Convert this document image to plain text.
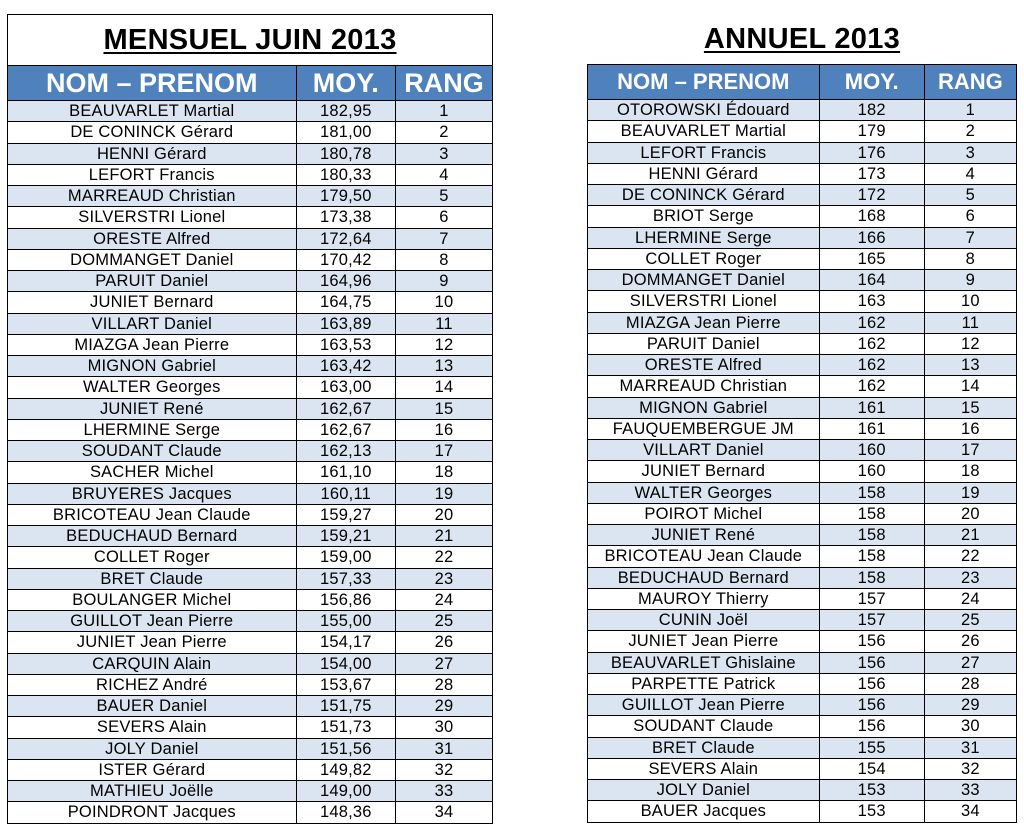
MENSUEL JUIN 2013
NOM – PRENOM	MOY.	RANG
BEAUVARLET Martial	182,95	1
DE CONINCK Gérard	181,00	2
HENNI Gérard	180,78	3
LEFORT Francis	180,33	4
MARREAUD Christian	179,50	5
SILVERSTRI Lionel	173,38	6
ORESTE Alfred	172,64	7
DOMMANGET Daniel	170,42	8
PARUIT Daniel	164,96	9
JUNIET Bernard	164,75	10
VILLART Daniel	163,89	11
MIAZGA Jean Pierre	163,53	12
MIGNON Gabriel	163,42	13
WALTER Georges	163,00	14
JUNIET René	162,67	15
LHERMINE Serge	162,67	16
SOUDANT Claude	162,13	17
SACHER Michel	161,10	18
BRUYERES Jacques	160,11	19
BRICOTEAU Jean Claude	159,27	20
BEDUCHAUD Bernard	159,21	21
COLLET Roger	159,00	22
BRET Claude	157,33	23
BOULANGER Michel	156,86	24
GUILLOT Jean Pierre	155,00	25
JUNIET Jean Pierre	154,17	26
CARQUIN Alain	154,00	27
RICHEZ André	153,67	28
BAUER Daniel	151,75	29
SEVERS Alain	151,73	30
JOLY Daniel	151,56	31
ISTER Gérard	149,82	32
MATHIEU Joëlle	149,00	33
POINDRONT Jacques	148,36	34
ANNUEL 2013
NOM – PRENOM	MOY.	RANG
OTOROWSKI Édouard	182	1
BEAUVARLET Martial	179	2
LEFORT Francis	176	3
HENNI Gérard	173	4
DE CONINCK Gérard	172	5
BRIOT Serge	168	6
LHERMINE Serge	166	7
COLLET Roger	165	8
DOMMANGET Daniel	164	9
SILVERSTRI Lionel	163	10
MIAZGA Jean Pierre	162	11
PARUIT Daniel	162	12
ORESTE Alfred	162	13
MARREAUD Christian	162	14
MIGNON Gabriel	161	15
FAUQUEMBERGUE JM	161	16
VILLART Daniel	160	17
JUNIET Bernard	160	18
WALTER Georges	158	19
POIROT Michel	158	20
JUNIET René	158	21
BRICOTEAU Jean Claude	158	22
BEDUCHAUD Bernard	158	23
MAUROY Thierry	157	24
CUNIN Joël	157	25
JUNIET Jean Pierre	156	26
BEAUVARLET Ghislaine	156	27
PARPETTE Patrick	156	28
GUILLOT Jean Pierre	156	29
SOUDANT Claude	156	30
BRET Claude	155	31
SEVERS Alain	154	32
JOLY Daniel	153	33
BAUER Jacques	153	34
